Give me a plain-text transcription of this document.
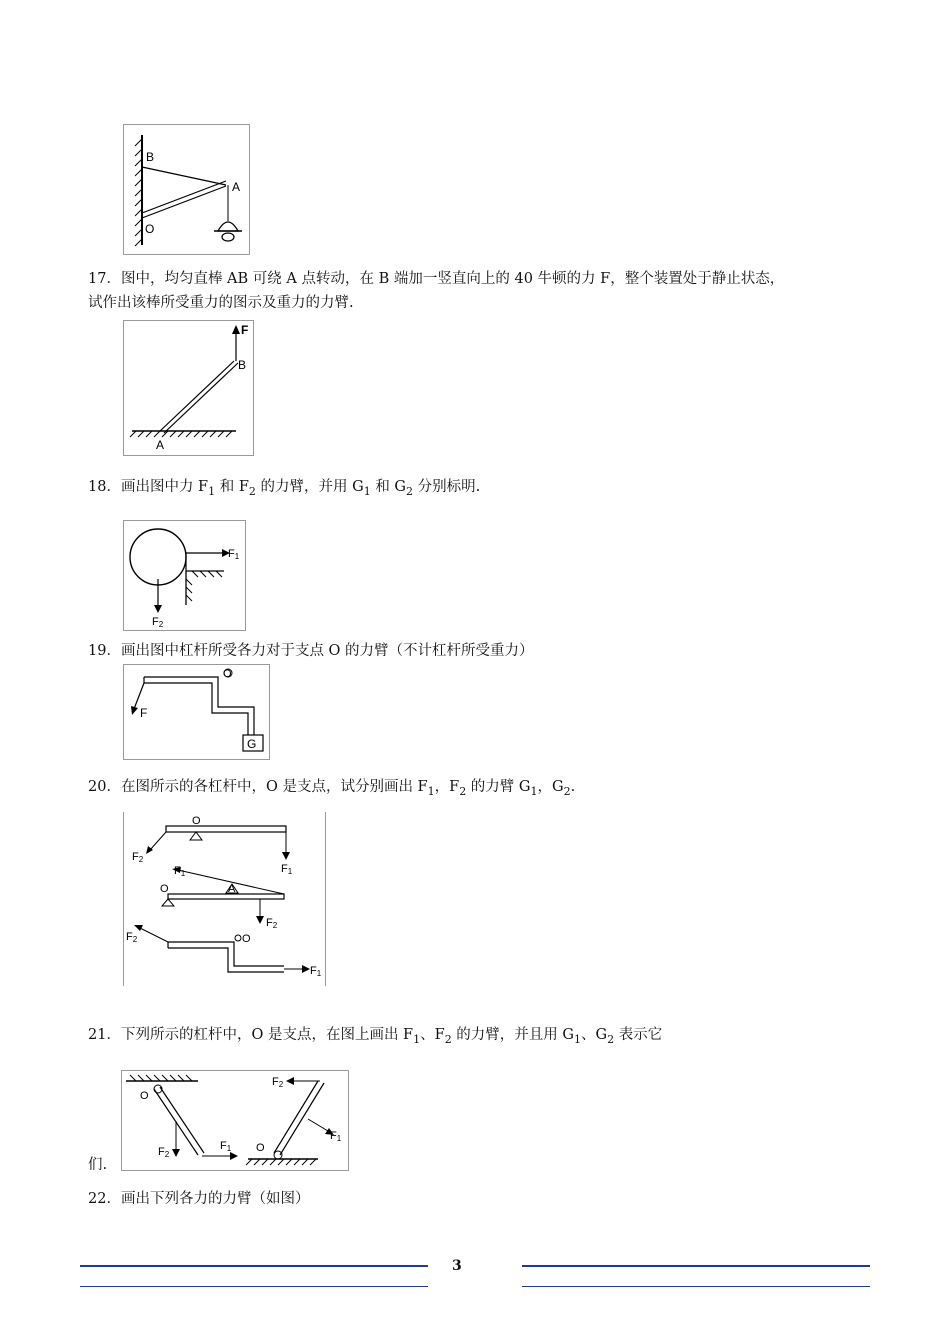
B
A
O
17．图中，均匀直棒 AB 可绕 A 点转动，在 B 端加一竖直向上的 40 牛顿的力 F，整个装置处于静止状态，
试作出该棒所受重力的图示及重力的力臂.
F
B
A
18．画出图中力 $F_1$ 和 $F_2$ 的力臂，并用 $G_1$ 和 $G_2$ 分别标明.
F1
F2
19．画出图中杠杆所受各力对于支点 O 的力臂（不计杠杆所受重力）
O
F
G
20．在图所示的各杠杆中，O 是支点，试分别画出 $F_1$，$F_2$ 的力臂 $G_1$，$G_2$.
O
F2
F1
F1
A
O
F2
O
F2
F1
21．下列所示的杠杆中，O 是支点，在图上画出 $F_1$、$F_2$ 的力臂，并且用 $G_1$、$G_2$ 表示它
们.
O
F2
F1 O
F2
F1
22．画出下列各力的力臂（如图）
3
